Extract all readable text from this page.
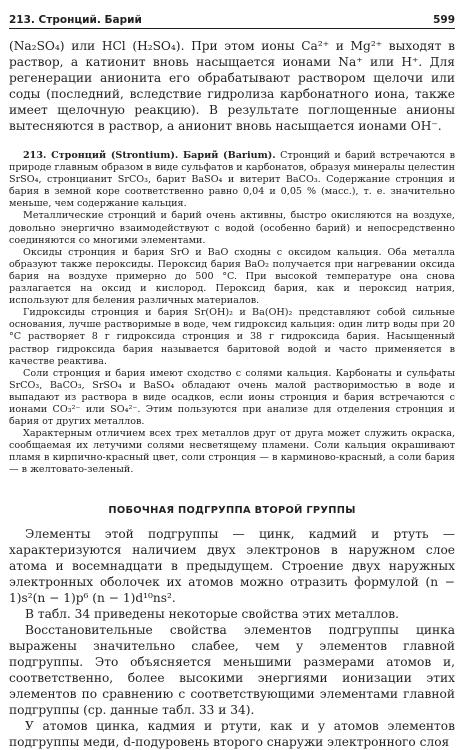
213. Стронций. Барий	599

(Na₂SO₄) или HCl (H₂SO₄). При этом ионы Ca²⁺ и Mg²⁺ выходят в раствор, а катионит вновь насыщается ионами Na⁺ или H⁺. Для регенерации анионита его обрабатывают раствором щелочи или соды (последний, вследствие гидролиза карбонатного иона, также имеет щелочную реакцию). В результате поглощенные анионы вытесняются в раствор, а анионит вновь насыщается ионами OH⁻.

213. Стронций (Strontium). Барий (Barium). Стронций и барий встречаются в природе главным образом в виде сульфатов и карбонатов, образуя минералы целестин SrSO₄, стронцианит SrCO₃, барит BaSO₄ и витерит BaCO₃. Содержание стронция и бария в земной коре соответственно равно 0,04 и 0,05 % (масс.), т. е. значительно меньше, чем содержание кальция.

Металлические стронций и барий очень активны, быстро окисляются на воздухе, довольно энергично взаимодействуют с водой (особенно барий) и непосредственно соединяются со многими элементами.

Оксиды стронция и бария SrO и BaO сходны с оксидом кальция. Оба металла образуют также пероксиды. Пероксид бария BaO₂ получается при нагревании оксида бария на воздухе примерно до 500 °C. При высокой температуре она снова разлагается на оксид и кислород. Пероксид бария, как и пероксид натрия, используют для беления различных материалов.

Гидроксиды стронция и бария Sr(OH)₂ и Ba(OH)₂ представляют собой сильные основания, лучше растворимые в воде, чем гидроксид кальция: один литр воды при 20 °C растворяет 8 г гидроксида стронция и 38 г гидроксида бария. Насыщенный раствор гидроксида бария называется баритовой водой и часто применяется в качестве реактива.

Соли стронция и бария имеют сходство с солями кальция. Карбонаты и сульфаты SrCO₃, BaCO₃, SrSO₄ и BaSO₄ обладают очень малой растворимостью в воде и выпадают из раствора в виде осадков, если ионы стронция и бария встречаются с ионами CO₃²⁻ или SO₄²⁻. Этим пользуются при анализе для отделения стронция и бария от других металлов.

Характерным отличием всех трех металлов друг от друга может служить окраска, сообщаемая их летучими солями несветящему пламени. Соли кальция окрашивают пламя в кирпично-красный цвет, соли стронция — в карминово-красный, а соли бария — в желтовато-зеленый.

ПОБОЧНАЯ ПОДГРУППА ВТОРОЙ ГРУППЫ

Элементы этой подгруппы — цинк, кадмий и ртуть — характеризуются наличием двух электронов в наружном слое атома и восемнадцати в предыдущем. Строение двух наружных электронных оболочек их атомов можно отразить формулой (n − 1)s²(n − 1)p⁶ (n − 1)d¹⁰ns².

В табл. 34 приведены некоторые свойства этих металлов.

Восстановительные свойства элементов подгруппы цинка выражены значительно слабее, чем у элементов главной подгруппы. Это объясняется меньшими размерами атомов и, соответственно, более высокими энергиями ионизации этих элементов по сравнению с соответствующими элементами главной подгруппы (ср. данные табл. 33 и 34).

У атомов цинка, кадмия и ртути, как и у атомов элементов подгруппы меди, d-подуровень второго снаружи электронного слоя
